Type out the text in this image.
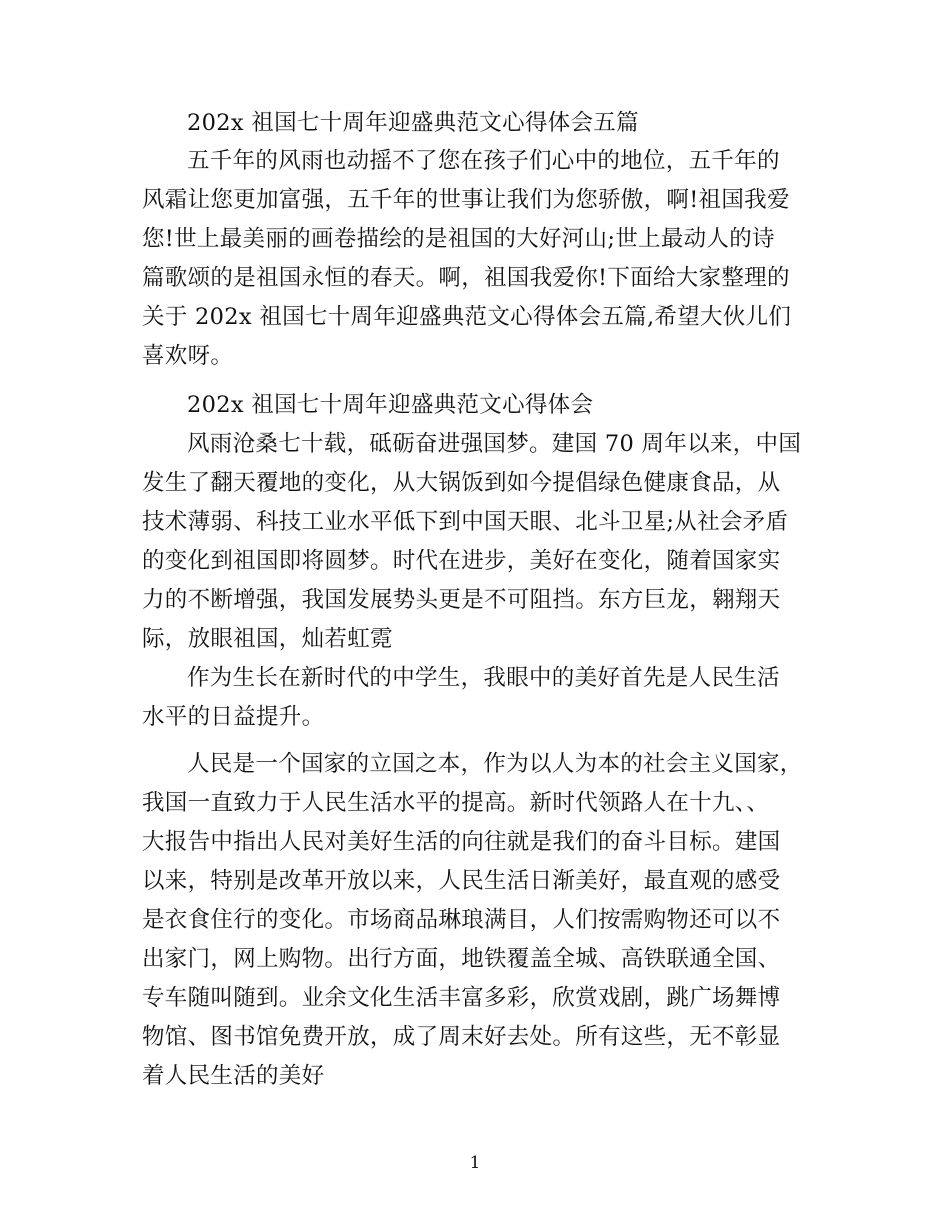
202x 祖国七十周年迎盛典范文心得体会五篇
五千年的风雨也动摇不了您在孩子们心中的地位，五千年的
风霜让您更加富强，五千年的世事让我们为您骄傲，啊!祖国我爱
您!世上最美丽的画卷描绘的是祖国的大好河山;世上最动人的诗
篇歌颂的是祖国永恒的春天。啊，祖国我爱你!下面给大家整理的
关于 202x 祖国七十周年迎盛典范文心得体会五篇,希望大伙儿们
喜欢呀。
202x 祖国七十周年迎盛典范文心得体会
风雨沧桑七十载，砥砺奋进强国梦。建国 70 周年以来，中国
发生了翻天覆地的变化，从大锅饭到如今提倡绿色健康食品，从
技术薄弱、科技工业水平低下到中国天眼、北斗卫星;从社会矛盾
的变化到祖国即将圆梦。时代在进步，美好在变化，随着国家实
力的不断增强，我国发展势头更是不可阻挡。东方巨龙，翱翔天
际，放眼祖国，灿若虹霓
作为生长在新时代的中学生，我眼中的美好首先是人民生活
水平的日益提升。
人民是一个国家的立国之本，作为以人为本的社会主义国家，
我国一直致力于人民生活水平的提高。新时代领路人在十九、、
大报告中指出人民对美好生活的向往就是我们的奋斗目标。建国
以来，特别是改革开放以来，人民生活日渐美好，最直观的感受
是衣食住行的变化。市场商品琳琅满目，人们按需购物还可以不
出家门，网上购物。出行方面，地铁覆盖全城、高铁联通全国、
专车随叫随到。业余文化生活丰富多彩，欣赏戏剧，跳广场舞博
物馆、图书馆免费开放，成了周末好去处。所有这些，无不彰显
着人民生活的美好
1
